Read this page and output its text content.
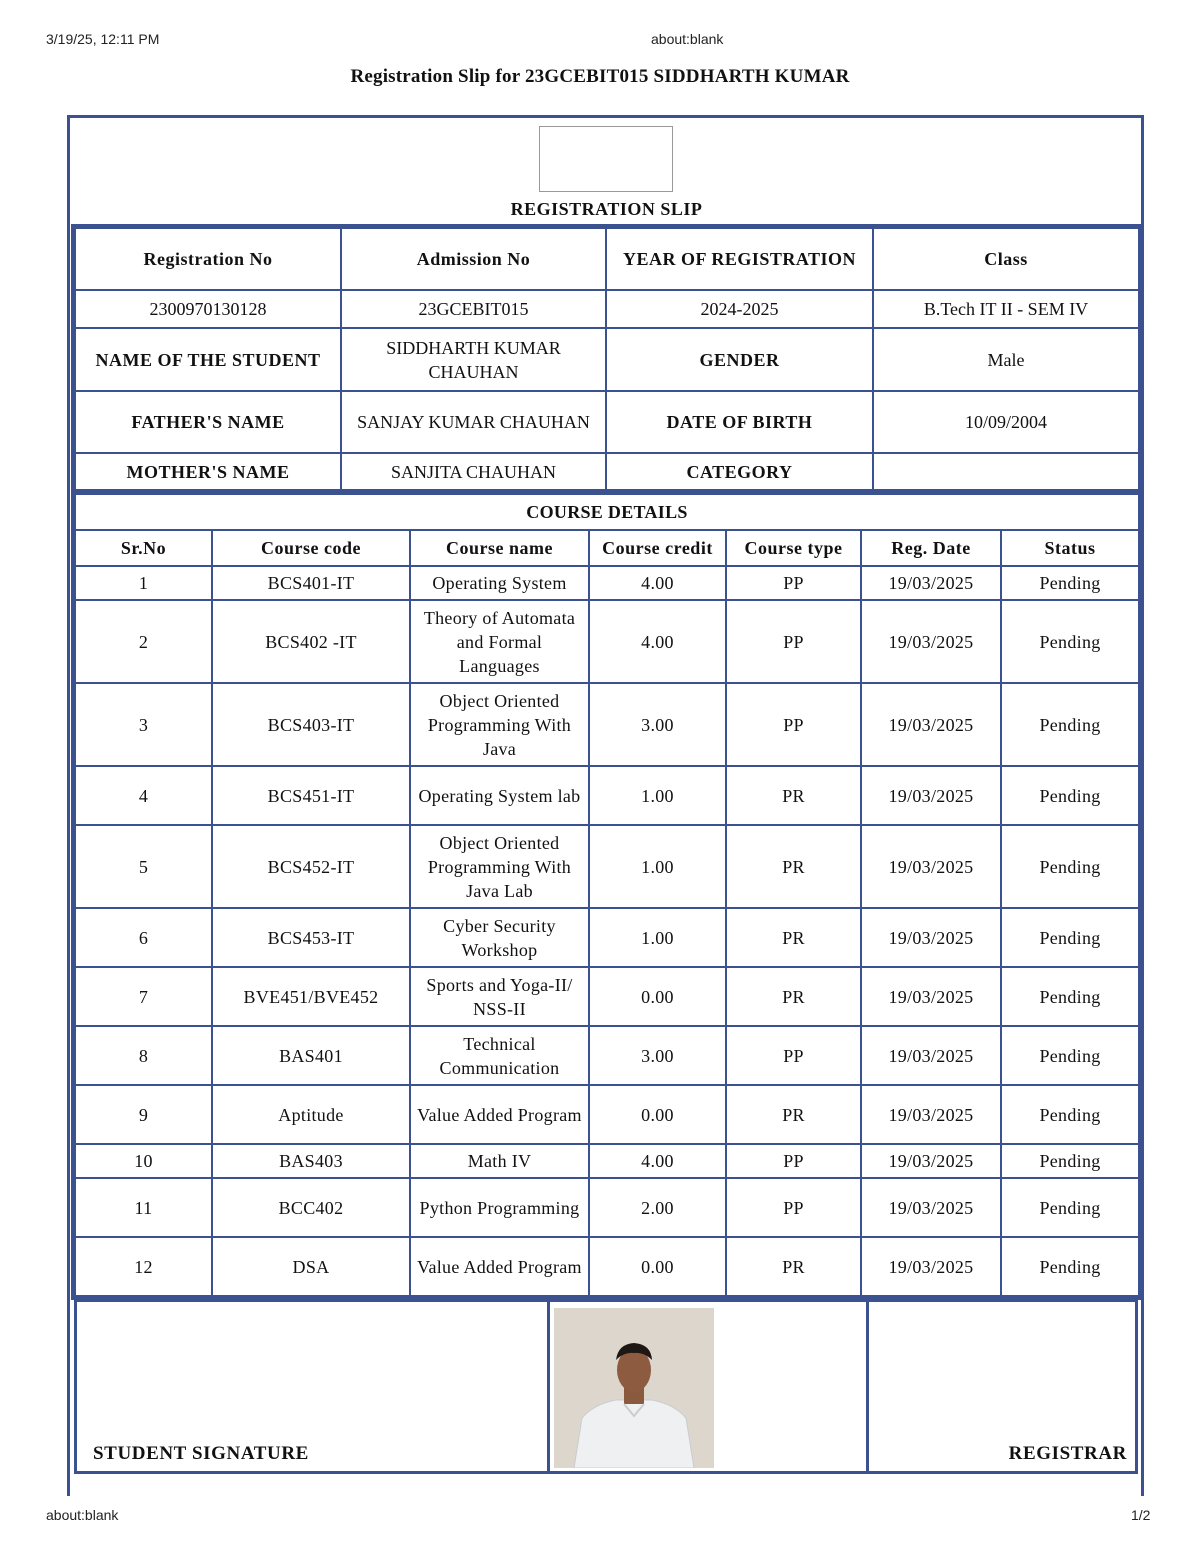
3/19/25, 12:11 PM	about:blank
Registration Slip for 23GCEBIT015 SIDDHARTH KUMAR
REGISTRATION SLIP
Registration No	Admission No	YEAR OF REGISTRATION	Class
2300970130128	23GCEBIT015	2024-2025	B.Tech IT II - SEM IV
NAME OF THE STUDENT	SIDDHARTH KUMAR CHAUHAN	GENDER	Male
FATHER'S NAME	SANJAY KUMAR CHAUHAN	DATE OF BIRTH	10/09/2004
MOTHER'S NAME	SANJITA CHAUHAN	CATEGORY	
COURSE DETAILS						
Sr.No	Course code	Course name	Course credit	Course type	Reg. Date	Status
1	BCS401-IT	Operating System	4.00	PP	19/03/2025	Pending
2	BCS402 -IT	Theory of Automata and Formal Languages	4.00	PP	19/03/2025	Pending
3	BCS403-IT	Object Oriented Programming With Java	3.00	PP	19/03/2025	Pending
4	BCS451-IT	Operating System lab	1.00	PR	19/03/2025	Pending
5	BCS452-IT	Object Oriented Programming With Java Lab	1.00	PR	19/03/2025	Pending
6	BCS453-IT	Cyber Security Workshop	1.00	PR	19/03/2025	Pending
7	BVE451/BVE452	Sports and Yoga-II/ NSS-II	0.00	PR	19/03/2025	Pending
8	BAS401	Technical Communication	3.00	PP	19/03/2025	Pending
9	Aptitude	Value Added Program	0.00	PR	19/03/2025	Pending
10	BAS403	Math IV	4.00	PP	19/03/2025	Pending
11	BCC402	Python Programming	2.00	PP	19/03/2025	Pending
12	DSA	Value Added Program	0.00	PR	19/03/2025	Pending
STUDENT SIGNATURE	REGISTRAR
about:blank	1/2
